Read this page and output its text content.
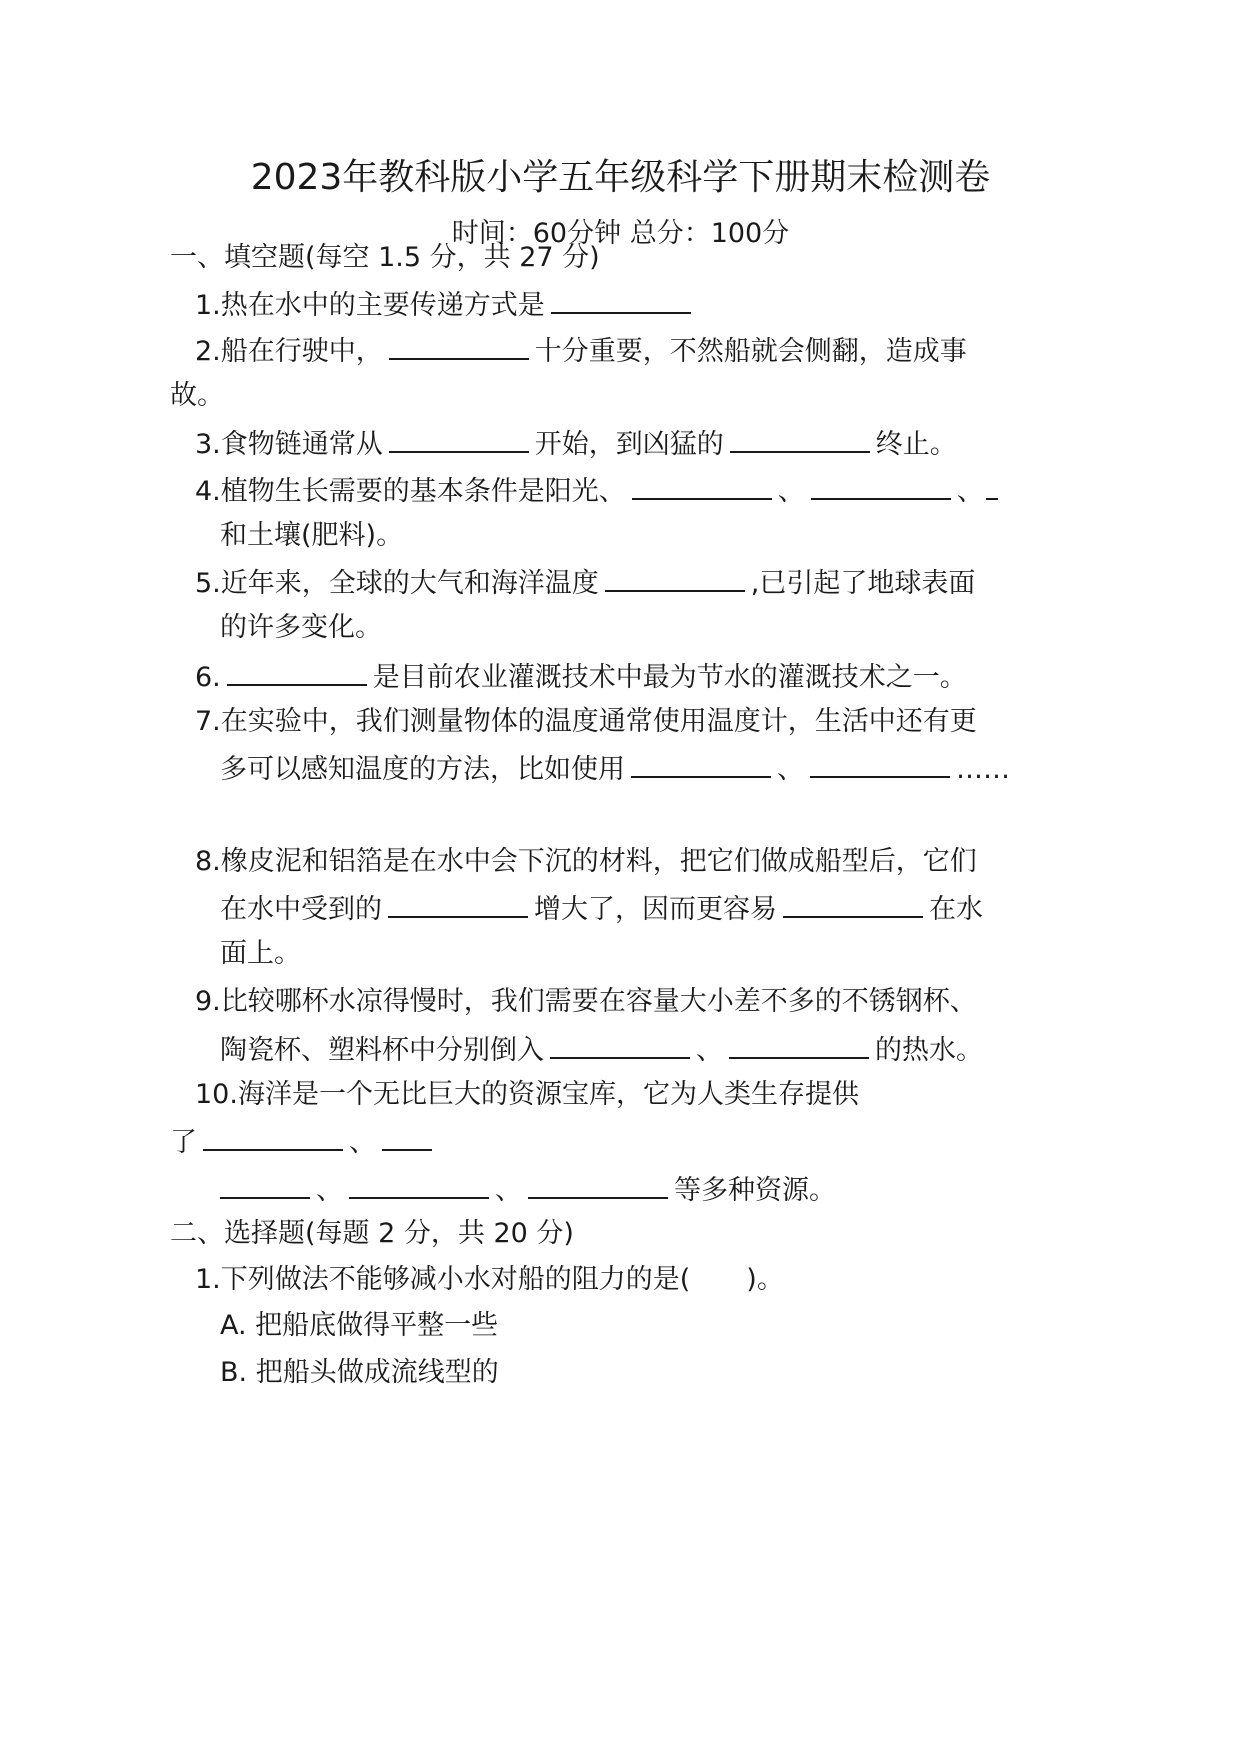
2023年教科版小学五年级科学下册期末检测卷
时间：60分钟 总分：100分
一、填空题(每空 1.5 分，共 27 分)
1.热在水中的主要传递方式是
2.船在行驶中，	十分重要，不然船就会侧翻，造成事
故。
3.食物链通常从	开始，到凶猛的	终止。
4.植物生长需要的基本条件是阳光、	、	、
和土壤(肥料)。
5.近年来，全球的大气和海洋温度	,已引起了地球表面
的许多变化。
6.	是目前农业灌溉技术中最为节水的灌溉技术之一。
7.在实验中，我们测量物体的温度通常使用温度计，生活中还有更
多可以感知温度的方法，比如使用	、	……
8.橡皮泥和铝箔是在水中会下沉的材料，把它们做成船型后，它们
在水中受到的	增大了，因而更容易	在水
面上。
9.比较哪杯水凉得慢时，我们需要在容量大小差不多的不锈钢杯、
陶瓷杯、塑料杯中分别倒入	、	的热水。
10.海洋是一个无比巨大的资源宝库，它为人类生存提供
了	、
、	、	等多种资源。
二、选择题(每题 2 分，共 20 分)
1.下列做法不能够减小水对船的阻力的是( )。
A. 把船底做得平整一些
B. 把船头做成流线型的
